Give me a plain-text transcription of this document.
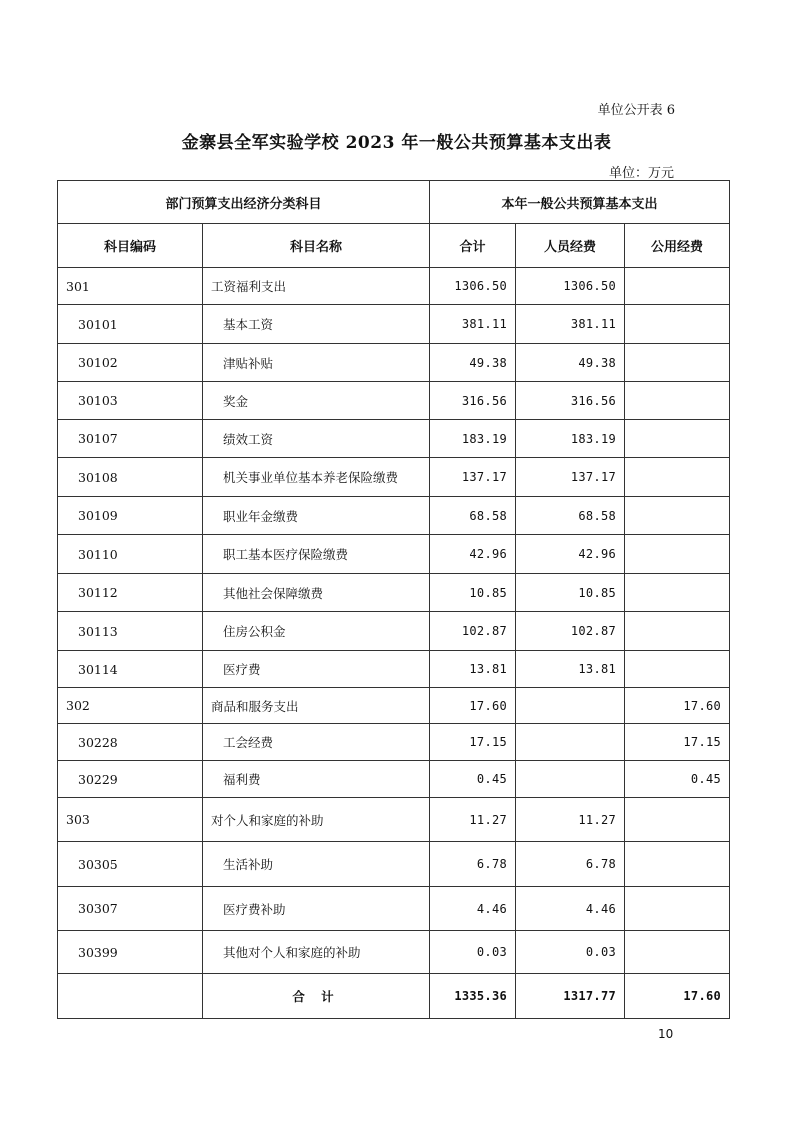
单位公开表 6
金寨县全军实验学校 2023 年一般公共预算基本支出表
单位：万元
部门预算支出经济分类科目		本年一般公共预算基本支出		
科目编码	科目名称	合计	人员经费	公用经费
301	工资福利支出	1306.50	1306.50	
30101	基本工资	381.11	381.11	
30102	津贴补贴	49.38	49.38	
30103	奖金	316.56	316.56	
30107	绩效工资	183.19	183.19	
30108	机关事业单位基本养老保险缴费	137.17	137.17	
30109	职业年金缴费	68.58	68.58	
30110	职工基本医疗保险缴费	42.96	42.96	
30112	其他社会保障缴费	10.85	10.85	
30113	住房公积金	102.87	102.87	
30114	医疗费	13.81	13.81	
302	商品和服务支出	17.60		17.60
30228	工会经费	17.15		17.15
30229	福利费	0.45		0.45
303	对个人和家庭的补助	11.27	11.27	
30305	生活补助	6.78	6.78	
30307	医疗费补助	4.46	4.46	
30399	其他对个人和家庭的补助	0.03	0.03	
	合 计	1335.36	1317.77	17.60
10
